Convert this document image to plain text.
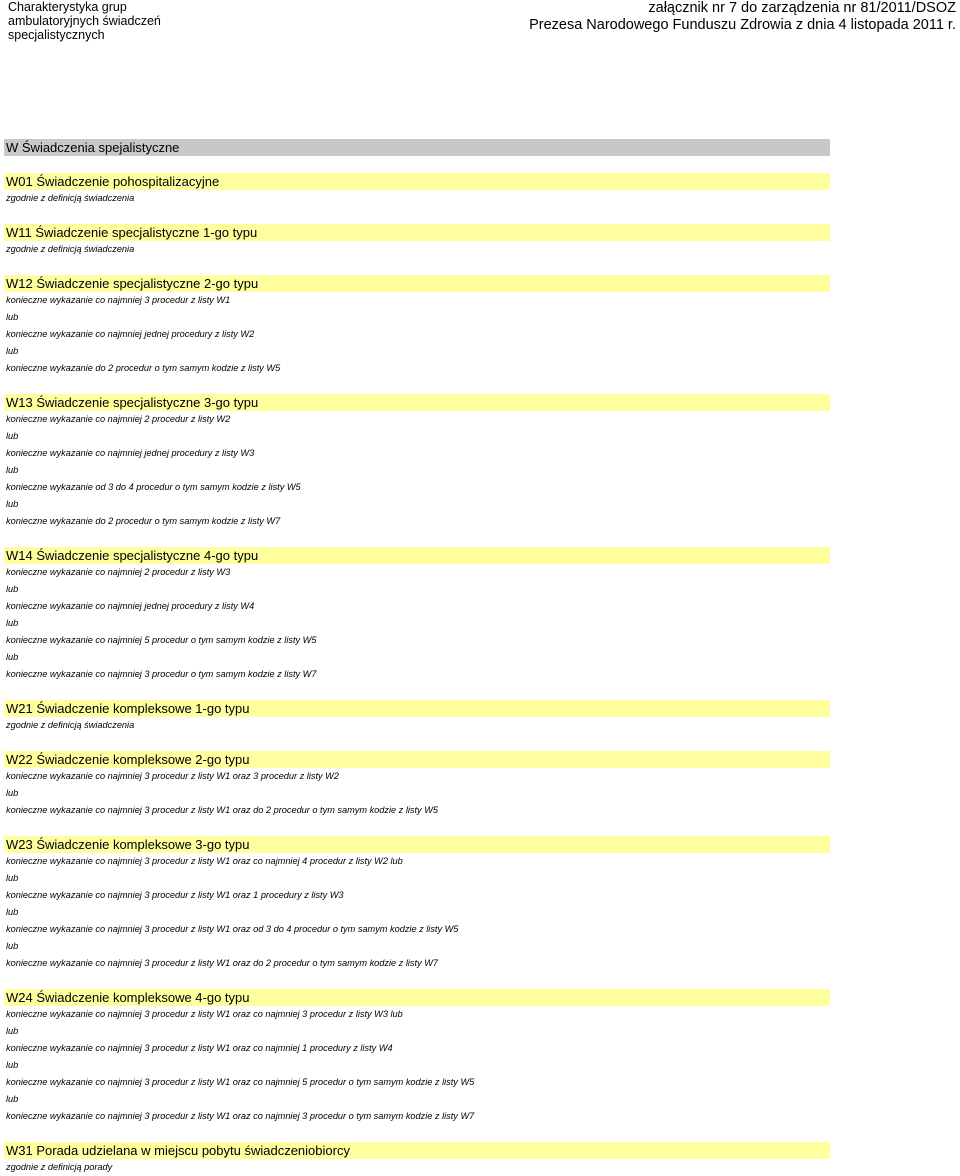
Charakterystyka grup
ambulatoryjnych świadczeń
specjalistycznych
załącznik nr 7 do zarządzenia nr 81/2011/DSOZ
Prezesa Narodowego Funduszu Zdrowia z dnia 4 listopada 2011 r.
W Świadczenia spejalistyczne
W01 Świadczenie pohospitalizacyjne
zgodnie z definicją świadczenia
W11 Świadczenie specjalistyczne 1-go typu
zgodnie z definicją świadczenia
W12 Świadczenie specjalistyczne 2-go typu
konieczne wykazanie co najmniej 3 procedur z listy W1
lub
konieczne wykazanie co najmniej jednej procedury z listy W2
lub
konieczne wykazanie do 2 procedur o tym samym kodzie z listy W5
W13 Świadczenie specjalistyczne 3-go typu
konieczne wykazanie co najmniej 2 procedur z listy W2
lub
konieczne wykazanie co najmniej jednej procedury z listy W3
lub
konieczne wykazanie od 3 do 4 procedur o tym samym kodzie z listy W5
lub
konieczne wykazanie do 2 procedur o tym samym kodzie z listy W7
W14 Świadczenie specjalistyczne 4-go typu
konieczne wykazanie co najmniej 2 procedur z listy W3
lub
konieczne wykazanie co najmniej jednej procedury z listy W4
lub
konieczne wykazanie co najmniej 5 procedur o tym samym kodzie z listy W5
lub
konieczne wykazanie co najmniej 3 procedur o tym samym kodzie z listy W7
W21 Świadczenie kompleksowe 1-go typu
zgodnie z definicją świadczenia
W22 Świadczenie kompleksowe 2-go typu
konieczne wykazanie co najmniej 3 procedur z listy W1 oraz 3 procedur z listy W2
lub
konieczne wykazanie co najmniej 3 procedur z listy W1 oraz do 2 procedur o tym samym kodzie z listy W5
W23 Świadczenie kompleksowe 3-go typu
konieczne wykazanie co najmniej 3 procedur z listy W1 oraz co najmniej 4 procedur z listy W2 lub
lub
konieczne wykazanie co najmniej 3 procedur z listy W1 oraz 1 procedury z listy W3
lub
konieczne wykazanie co najmniej 3 procedur z listy W1 oraz od 3 do 4 procedur o tym samym kodzie z listy W5
lub
konieczne wykazanie co najmniej 3 procedur z listy W1 oraz do 2 procedur o tym samym kodzie z listy W7
W24 Świadczenie kompleksowe 4-go typu
konieczne wykazanie co najmniej 3 procedur z listy W1 oraz co najmniej 3 procedur z listy W3 lub
lub
konieczne wykazanie co najmniej 3 procedur z listy W1 oraz co najmniej 1 procedury z listy W4
lub
konieczne wykazanie co najmniej 3 procedur z listy W1 oraz co najmniej 5 procedur o tym samym kodzie z listy W5
lub
konieczne wykazanie co najmniej 3 procedur z listy W1 oraz co najmniej 3 procedur o tym samym kodzie z listy W7
W31 Porada udzielana w miejscu pobytu świadczeniobiorcy
zgodnie z definicją porady
